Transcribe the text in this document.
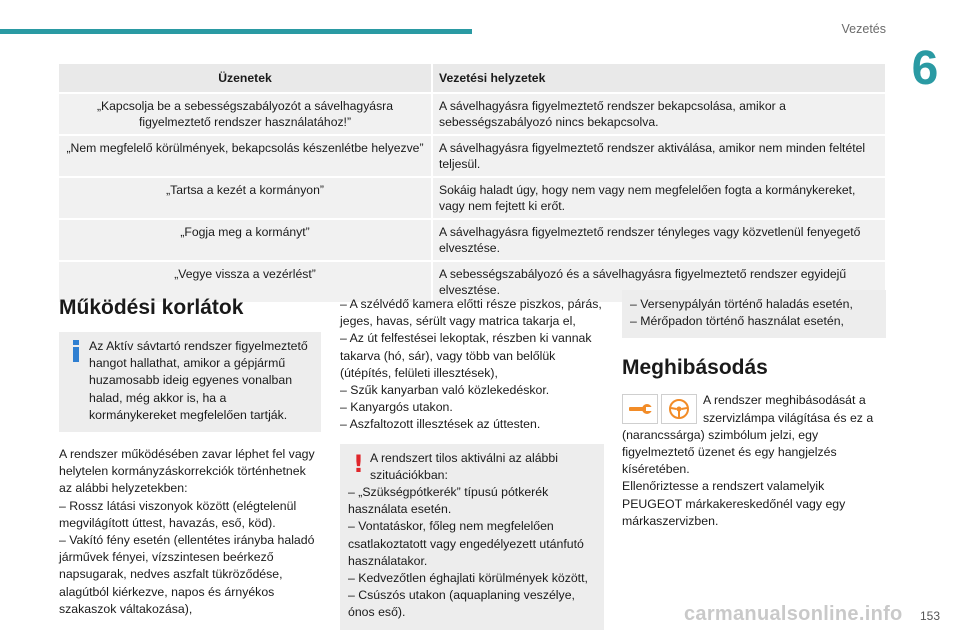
Vezetés
6
Üzenetek	Vezetési helyzetek
„Kapcsolja be a sebességszabályozót a sávelhagyásra figyelmeztető rendszer használatához!”	A sávelhagyásra figyelmeztető rendszer bekapcsolása, amikor a sebességszabályozó nincs bekapcsolva.
„Nem megfelelő körülmények, bekapcsolás készenlétbe helyezve”	A sávelhagyásra figyelmeztető rendszer aktiválása, amikor nem minden feltétel teljesül.
„Tartsa a kezét a kormányon”	Sokáig haladt úgy, hogy nem vagy nem megfelelően fogta a kormánykereket, vagy nem fejtett ki erőt.
„Fogja meg a kormányt”	A sávelhagyásra figyelmeztető rendszer tényleges vagy közvetlenül fenyegető elvesztése.
„Vegye vissza a vezérlést”	A sebességszabályozó és a sávelhagyásra figyelmeztető rendszer egyidejű elvesztése.
Működési korlátok

Az Aktív sávtartó rendszer figyelmeztető hangot hallathat, amikor a gépjármű huzamosabb ideig egyenes vonalban halad, még akkor is, ha a kormánykereket megfelelően tartják.

A rendszer működésében zavar léphet fel vagy helytelen kormányzáskorrekciók történhetnek az alábbi helyzetekben:

– Rossz látási viszonyok között (elégtelenül megvilágított úttest, havazás, eső, köd).
– Vakító fény esetén (ellentétes irányba haladó járművek fényei, vízszintesen beérkező napsugarak, nedves aszfalt tükröződése, alagútból kiérkezve, napos és árnyékos szakaszok váltakozása),
– A szélvédő kamera előtti része piszkos, párás, jeges, havas, sérült vagy matrica takarja el,
– Az út felfestései lekoptak, részben ki vannak takarva (hó, sár), vagy több van belőlük (útépítés, felületi illesztések),
– Szűk kanyarban való közlekedéskor.
– Kanyargós utakon.
– Aszfaltozott illesztések az úttesten.
! A rendszert tilos aktiválni az alábbi szituációkban:

– „Szükségpótkerék” típusú pótkerék használata esetén.
– Vontatáskor, főleg nem megfelelően csatlakoztatott vagy engedélyezett utánfutó használatakor.
– Kedvezőtlen éghajlati körülmények között,
– Csúszós utakon (aquaplaning veszélye, ónos eső).
– Versenypályán történő haladás esetén,
– Mérőpadon történő használat esetén,
Meghibásodás

A rendszer meghibásodását a szervizlámpa világítása és ez a (narancssárga) szimbólum jelzi, egy figyelmeztető üzenet és egy hangjelzés kíséretében.

Ellenőriztesse a rendszert valamelyik PEUGEOT márkakereskedőnél vagy egy márkaszervizben.

carmanualsonline.info 153
